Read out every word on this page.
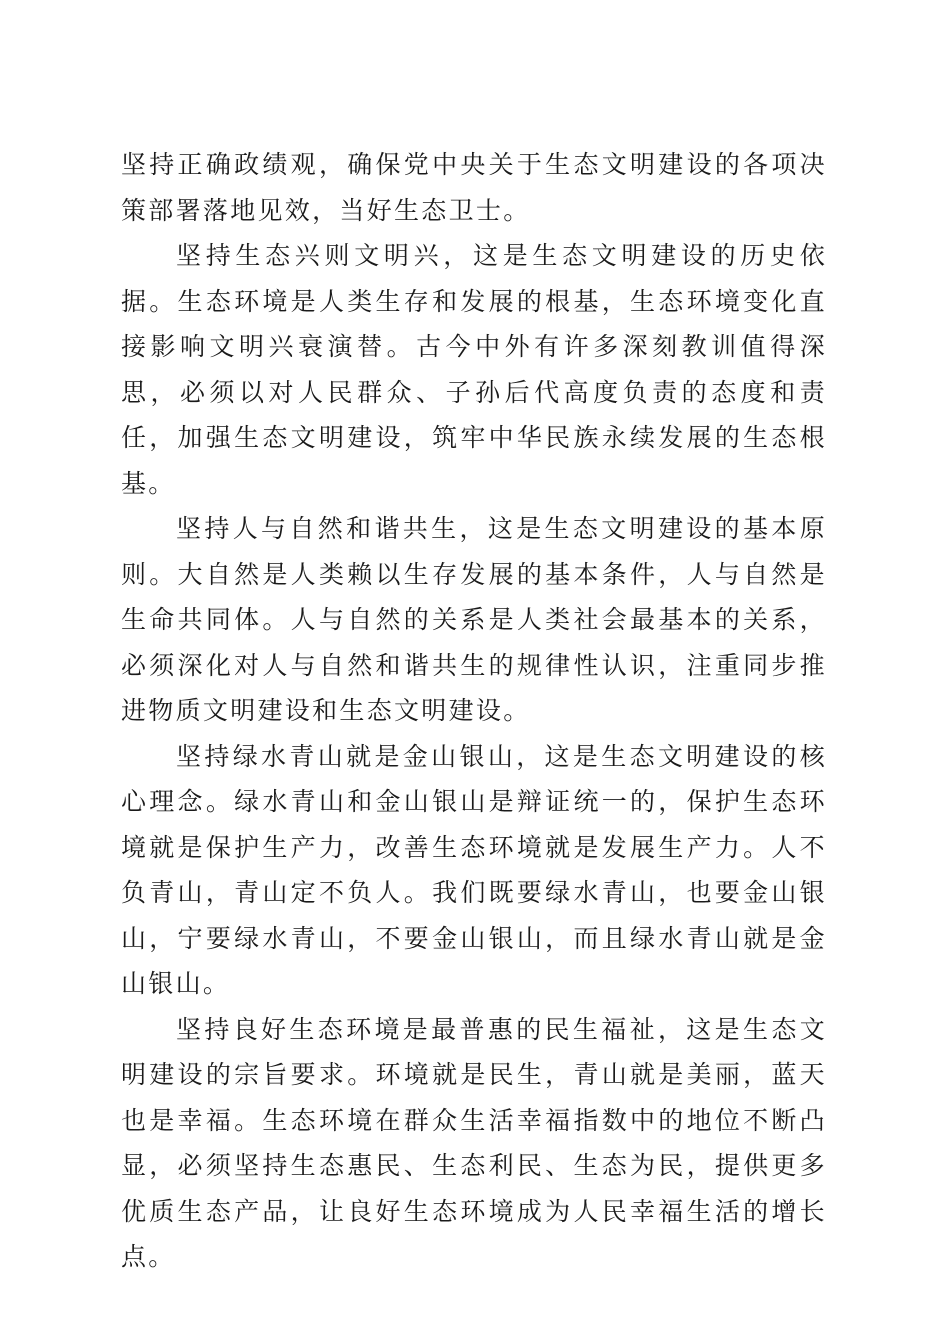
坚持正确政绩观，确保党中央关于生态文明建设的各项决策部署落地见效，当好生态卫士。

坚持生态兴则文明兴，这是生态文明建设的历史依据。生态环境是人类生存和发展的根基，生态环境变化直接影响文明兴衰演替。古今中外有许多深刻教训值得深思，必须以对人民群众、子孙后代高度负责的态度和责任，加强生态文明建设，筑牢中华民族永续发展的生态根基。

坚持人与自然和谐共生，这是生态文明建设的基本原则。大自然是人类赖以生存发展的基本条件，人与自然是生命共同体。人与自然的关系是人类社会最基本的关系，必须深化对人与自然和谐共生的规律性认识，注重同步推进物质文明建设和生态文明建设。

坚持绿水青山就是金山银山，这是生态文明建设的核心理念。绿水青山和金山银山是辩证统一的，保护生态环境就是保护生产力，改善生态环境就是发展生产力。人不负青山，青山定不负人。我们既要绿水青山，也要金山银山，宁要绿水青山，不要金山银山，而且绿水青山就是金山银山。

坚持良好生态环境是最普惠的民生福祉，这是生态文明建设的宗旨要求。环境就是民生，青山就是美丽，蓝天也是幸福。生态环境在群众生活幸福指数中的地位不断凸显，必须坚持生态惠民、生态利民、生态为民，提供更多优质生态产品，让良好生态环境成为人民幸福生活的增长点。
